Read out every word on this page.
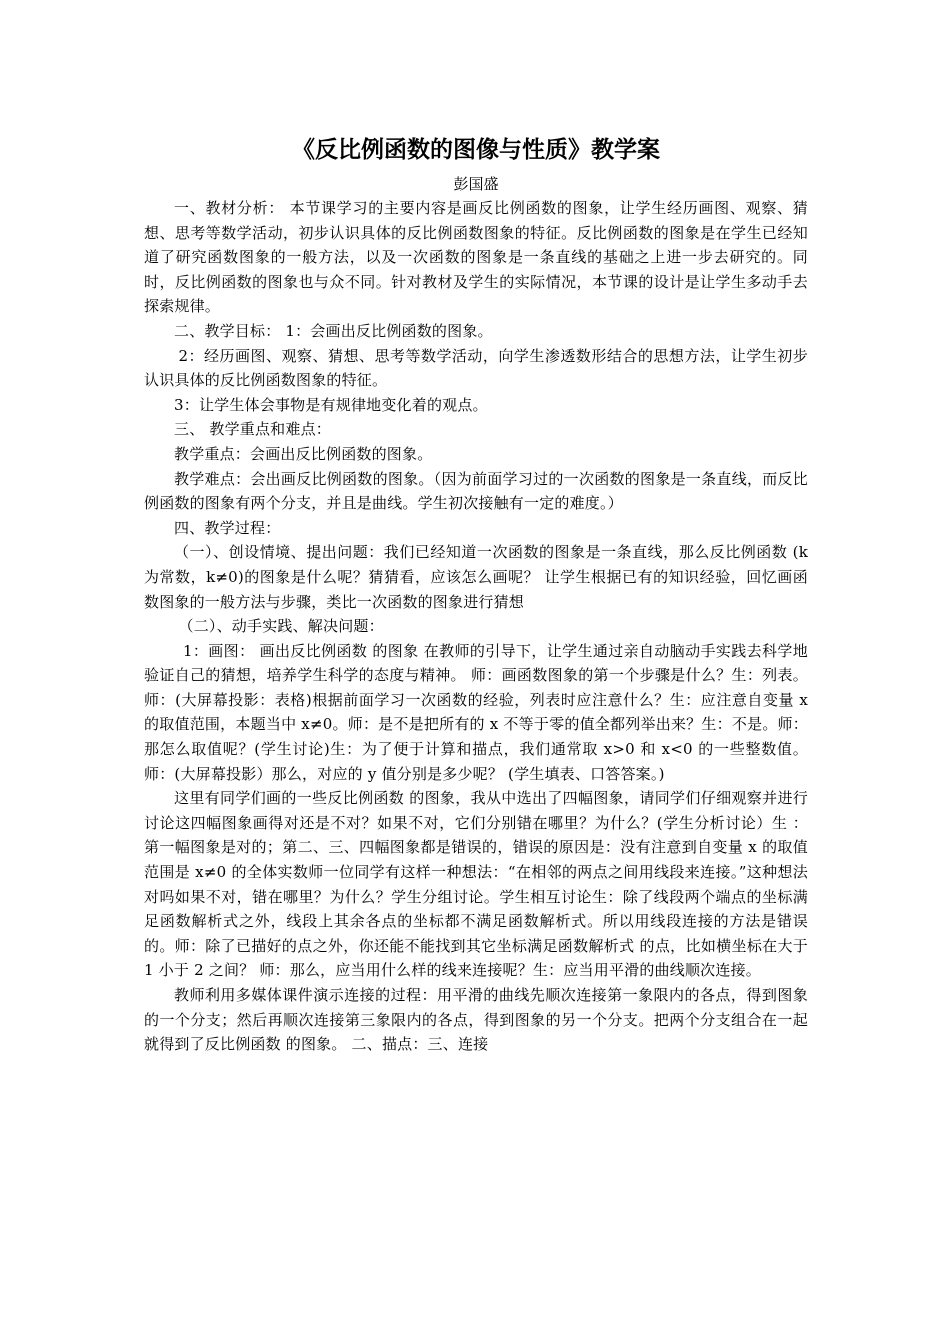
《反比例函数的图像与性质》教学案

彭国盛

一、教材分析： 本节课学习的主要内容是画反比例函数的图象，让学生经历画图、观察、猜想、思考等数学活动，初步认识具体的反比例函数图象的特征。反比例函数的图象是在学生已经知道了研究函数图象的一般方法，以及一次函数的图象是一条直线的基础之上进一步去研究的。同时，反比例函数的图象也与众不同。针对教材及学生的实际情况，本节课的设计是让学生多动手去探索规律。

二、教学目标： 1：会画出反比例函数的图象。

2：经历画图、观察、猜想、思考等数学活动，向学生渗透数形结合的思想方法，让学生初步认识具体的反比例函数图象的特征。

3：让学生体会事物是有规律地变化着的观点。

三、 教学重点和难点：

教学重点：会画出反比例函数的图象。

教学难点：会出画反比例函数的图象。（因为前面学习过的一次函数的图象是一条直线，而反比例函数的图象有两个分支，并且是曲线。学生初次接触有一定的难度。）

四、教学过程：

（一）、创设情境、提出问题：我们已经知道一次函数的图象是一条直线，那么反比例函数 (k 为常数，k≠0)的图象是什么呢？猜猜看，应该怎么画呢？ 让学生根据已有的知识经验，回忆画函数图象的一般方法与步骤，类比一次函数的图象进行猜想

（二）、动手实践、解决问题：

1：画图： 画出反比例函数 的图象 在教师的引导下，让学生通过亲自动脑动手实践去科学地验证自己的猜想，培养学生科学的态度与精神。 师：画函数图象的第一个步骤是什么？生：列表。师：(大屏幕投影：表格)根据前面学习一次函数的经验，列表时应注意什么？生：应注意自变量 x 的取值范围，本题当中 x≠0。师：是不是把所有的 x 不等于零的值全都列举出来？生：不是。师：那怎么取值呢？(学生讨论)生：为了便于计算和描点，我们通常取 x>0 和 x<0 的一些整数值。师：(大屏幕投影）那么，对应的 y 值分别是多少呢？ (学生填表、口答答案。)

这里有同学们画的一些反比例函数 的图象，我从中选出了四幅图象，请同学们仔细观察并进行讨论这四幅图象画得对还是不对？如果不对，它们分别错在哪里？为什么？(学生分析讨论）生 ：第一幅图象是对的；第二、三、四幅图象都是错误的，错误的原因是：没有注意到自变量 x 的取值范围是 x≠0 的全体实数师一位同学有这样一种想法：“在相邻的两点之间用线段来连接。”这种想法对吗如果不对，错在哪里？为什么？学生分组讨论。学生相互讨论生：除了线段两个端点的坐标满足函数解析式之外，线段上其余各点的坐标都不满足函数解析式。所以用线段连接的方法是错误的。师：除了已描好的点之外，你还能不能找到其它坐标满足函数解析式 的点，比如横坐标在大于 1 小于 2 之间？ 师：那么，应当用什么样的线来连接呢？生：应当用平滑的曲线顺次连接。

教师利用多媒体课件演示连接的过程：用平滑的曲线先顺次连接第一象限内的各点，得到图象的一个分支；然后再顺次连接第三象限内的各点，得到图象的另一个分支。把两个分支组合在一起就得到了反比例函数 的图象。 二、描点：三、连接
